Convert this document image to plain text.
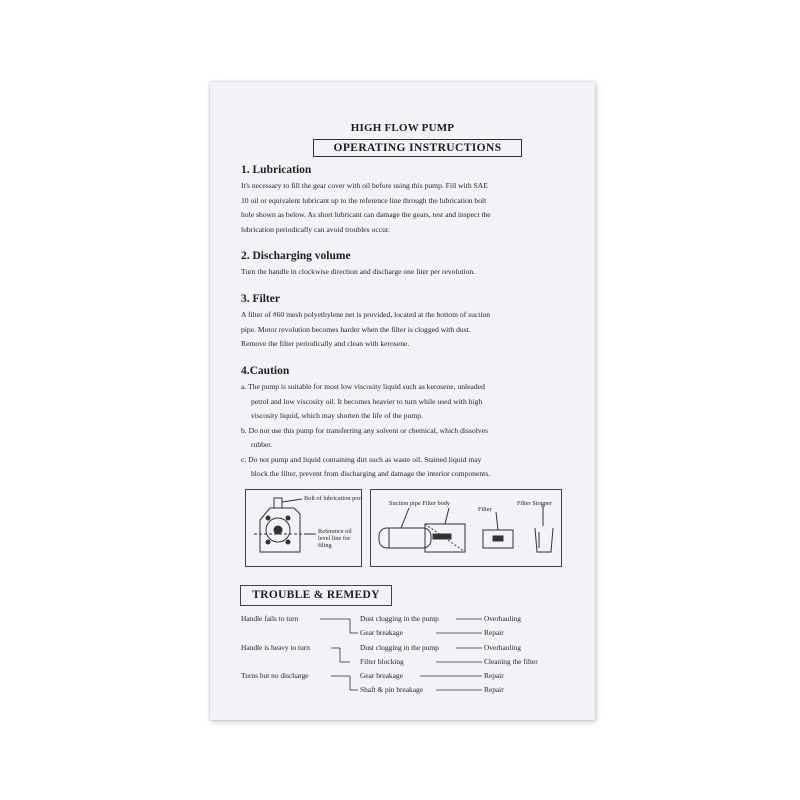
HIGH FLOW PUMP
OPERATING INSTRUCTIONS
1. Lubrication
It's necessary to fill the gear cover with oil before using this pump. Fill with SAE
10 oil or equivalent lubricant up to the reference line through the lubrication bolt
hole shown as below. As short lubricant can damage the gears, test and inspect the
lubrication periodically can avoid troubles occur.
2. Discharging volume
Turn the handle in clockwise direction and discharge one liter per revolution.
3. Filter
A filter of #60 mesh polyethylene net is provided, located at the bottom of suction
pipe. Motor revolution becomes harder when the filter is clogged with dust.
Remove the filter periodically and clean with kerosene.
4.Caution
a. The pump is suitable for most low viscosity liquid such as kerosene, unleaded
petrol and low viscosity oil. It becomes heavier to turn while used with high
viscosity liquid, which may shorten the life of the pump.
b. Do not use this pump for transferring any solvent or chemical, which dissolves
rubber.
c. Do not pump and liquid containing dirt such as waste oil. Stained liquid may
block the filter, prevent from discharging and damage the interior components.
Bolt of lubrication port
Reference oil
level line for
filing
Suction pipe Filter body
Filter
Filter Stopper
TROUBLE & REMEDY
Handle fails to turn	Dust clogging in the pump	Overhauling
Gear breakage	Repair
Handle is heavy to turn	Dust clogging in the pump	Overhauling
Filter blocking	Cleaning the filter
Turns but no discharge	Gear breakage	Repair
Shaft & pin breakage	Repair
